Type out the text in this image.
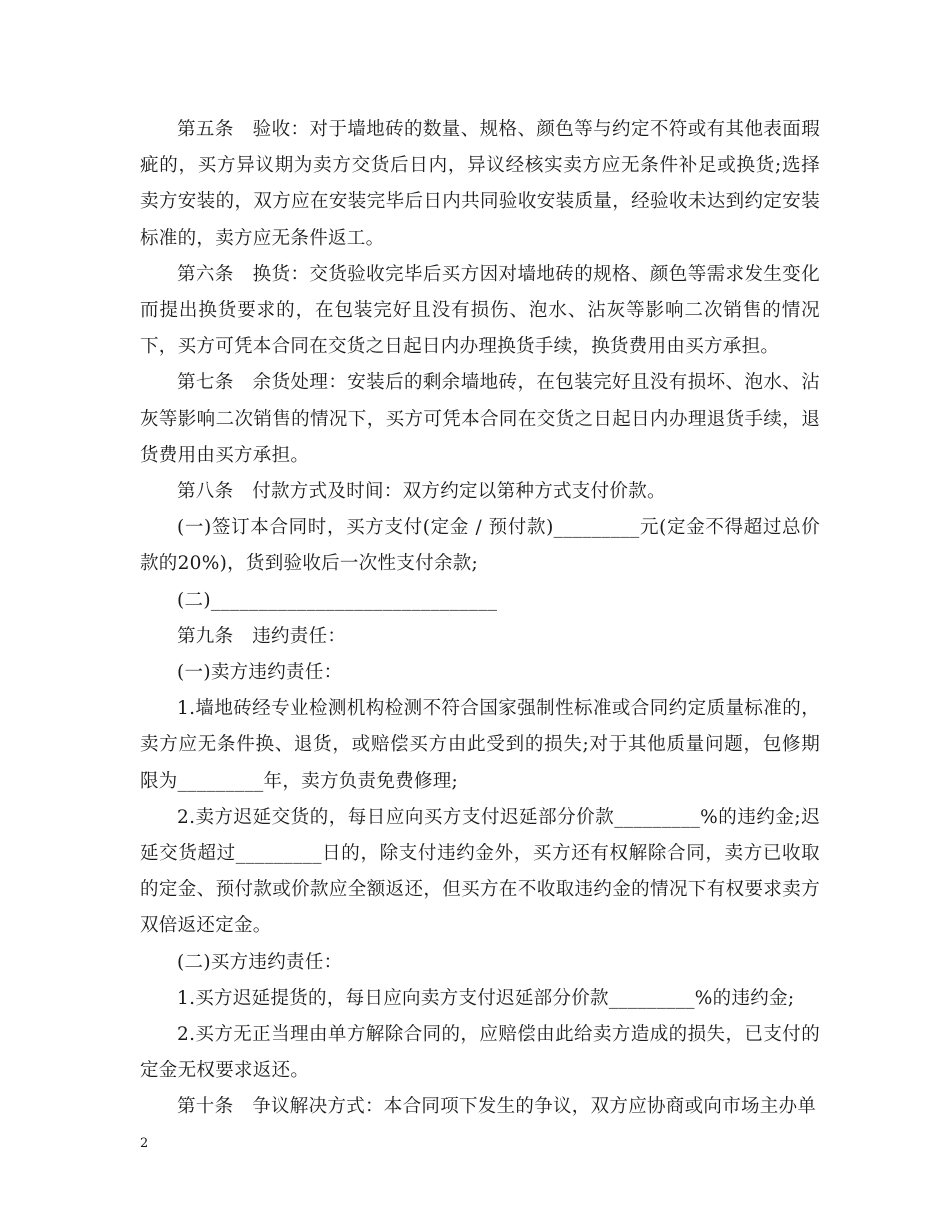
第五条　验收：对于墙地砖的数量、规格、颜色等与约定不符或有其他表面瑕疵的，买方异议期为卖方交货后日内，异议经核实卖方应无条件补足或换货;选择卖方安装的，双方应在安装完毕后日内共同验收安装质量，经验收未达到约定安装标准的，卖方应无条件返工。

第六条　换货：交货验收完毕后买方因对墙地砖的规格、颜色等需求发生变化而提出换货要求的，在包装完好且没有损伤、泡水、沾灰等影响二次销售的情况下，买方可凭本合同在交货之日起日内办理换货手续，换货费用由买方承担。

第七条　余货处理：安装后的剩余墙地砖，在包装完好且没有损坏、泡水、沾灰等影响二次销售的情况下，买方可凭本合同在交货之日起日内办理退货手续，退货费用由买方承担。

第八条　付款方式及时间：双方约定以第种方式支付价款。

(一)签订本合同时，买方支付(定金 / 预付款)_________元(定金不得超过总价款的20%)，货到验收后一次性支付余款;

(二)______________________________

第九条　违约责任：

(一)卖方违约责任：

1.墙地砖经专业检测机构检测不符合国家强制性标准或合同约定质量标准的，卖方应无条件换、退货，或赔偿买方由此受到的损失;对于其他质量问题，包修期限为_________年，卖方负责免费修理;

2.卖方迟延交货的，每日应向买方支付迟延部分价款_________%的违约金;迟延交货超过_________日的，除支付违约金外，买方还有权解除合同，卖方已收取的定金、预付款或价款应全额返还，但买方在不收取违约金的情况下有权要求卖方双倍返还定金。

(二)买方违约责任：

1.买方迟延提货的，每日应向卖方支付迟延部分价款_________%的违约金;

2.买方无正当理由单方解除合同的，应赔偿由此给卖方造成的损失，已支付的定金无权要求返还。

第十条　争议解决方式：本合同项下发生的争议，双方应协商或向市场主办单

2
